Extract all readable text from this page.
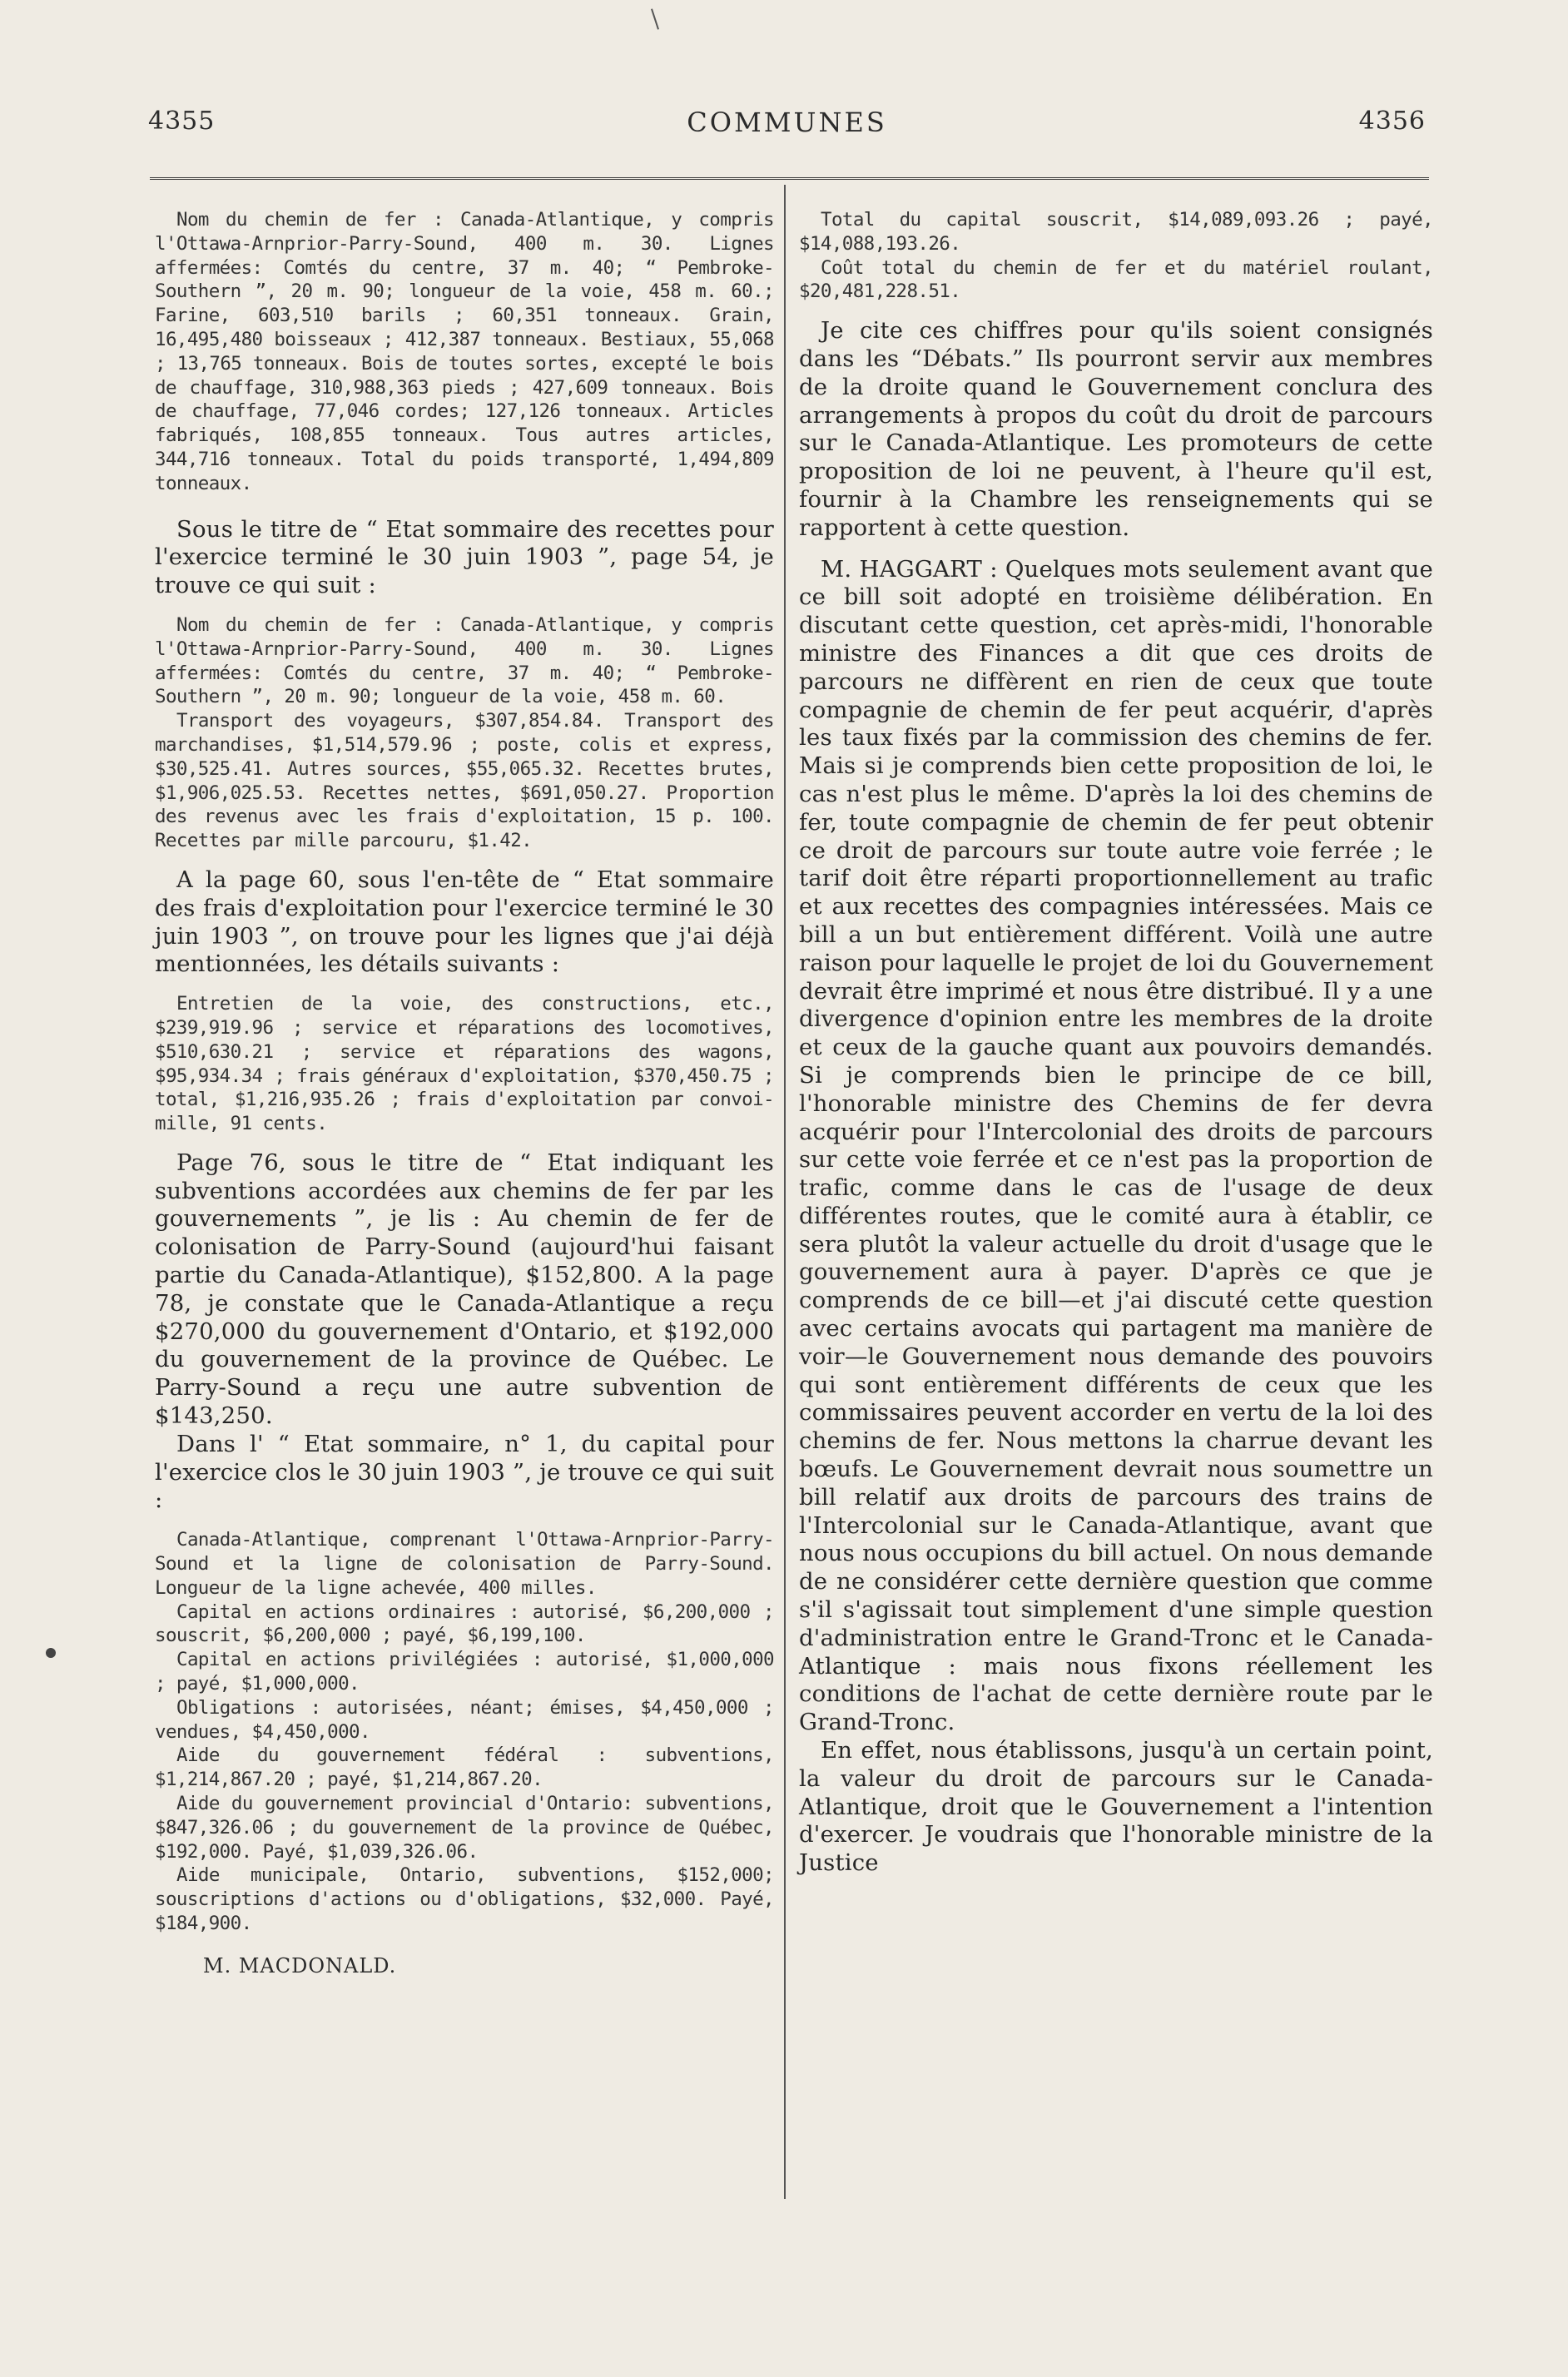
4355	COMMUNES	4356

Nom du chemin de fer : Canada-Atlantique, y compris l'Ottawa-Arnprior-Parry-Sound, 400 m. 30. Lignes affermées: Comtés du centre, 37 m. 40; “ Pembroke-Southern ”, 20 m. 90; longueur de la voie, 458 m. 60.; Farine, 603,510 barils ; 60,351 tonneaux. Grain, 16,495,480 boisseaux ; 412,387 tonneaux. Bestiaux, 55,068 ; 13,765 tonneaux. Bois de toutes sortes, excepté le bois de chauffage, 310,988,363 pieds ; 427,609 tonneaux. Bois de chauffage, 77,046 cordes; 127,126 tonneaux. Articles fabriqués, 108,855 tonneaux. Tous autres articles, 344,716 tonneaux. Total du poids transporté, 1,494,809 tonneaux.

Sous le titre de “ Etat sommaire des recettes pour l'exercice terminé le 30 juin 1903 ”, page 54, je trouve ce qui suit :

Nom du chemin de fer : Canada-Atlantique, y compris l'Ottawa-Arnprior-Parry-Sound, 400 m. 30. Lignes affermées: Comtés du centre, 37 m. 40; “ Pembroke-Southern ”, 20 m. 90; longueur de la voie, 458 m. 60.

Transport des voyageurs, $307,854.84. Transport des marchandises, $1,514,579.96 ; poste, colis et express, $30,525.41. Autres sources, $55,065.32. Recettes brutes, $1,906,025.53. Recettes nettes, $691,050.27. Proportion des revenus avec les frais d'exploitation, 15 p. 100. Recettes par mille parcouru, $1.42.

A la page 60, sous l'en-tête de “ Etat sommaire des frais d'exploitation pour l'exercice terminé le 30 juin 1903 ”, on trouve pour les lignes que j'ai déjà mentionnées, les détails suivants :

Entretien de la voie, des constructions, etc., $239,919.96 ; service et réparations des locomotives, $510,630.21 ; service et réparations des wagons, $95,934.34 ; frais généraux d'exploitation, $370,450.75 ; total, $1,216,935.26 ; frais d'exploitation par convoi-mille, 91 cents.

Page 76, sous le titre de “ Etat indiquant les subventions accordées aux chemins de fer par les gouvernements ”, je lis : Au chemin de fer de colonisation de Parry-Sound (aujourd'hui faisant partie du Canada-Atlantique), $152,800. A la page 78, je constate que le Canada-Atlantique a reçu $270,000 du gouvernement d'Ontario, et $192,000 du gouvernement de la province de Québec. Le Parry-Sound a reçu une autre subvention de $143,250.

Dans l' “ Etat sommaire, n° 1, du capital pour l'exercice clos le 30 juin 1903 ”, je trouve ce qui suit :

Canada-Atlantique, comprenant l'Ottawa-Arnprior-Parry-Sound et la ligne de colonisation de Parry-Sound. Longueur de la ligne achevée, 400 milles.

Capital en actions ordinaires : autorisé, $6,200,000 ; souscrit, $6,200,000 ; payé, $6,199,100.

Capital en actions privilégiées : autorisé, $1,000,000 ; payé, $1,000,000.

Obligations : autorisées, néant; émises, $4,450,000 ; vendues, $4,450,000.

Aide du gouvernement fédéral : subventions, $1,214,867.20 ; payé, $1,214,867.20.

Aide du gouvernement provincial d'Ontario: subventions, $847,326.06 ; du gouvernement de la province de Québec, $192,000. Payé, $1,039,326.06.

Aide municipale, Ontario, subventions, $152,000; souscriptions d'actions ou d'obligations, $32,000. Payé, $184,900.

M. MACDONALD.

Total du capital souscrit, $14,089,093.26 ; payé, $14,088,193.26.

Coût total du chemin de fer et du matériel roulant, $20,481,228.51.

Je cite ces chiffres pour qu'ils soient consignés dans les “Débats.” Ils pourront servir aux membres de la droite quand le Gouvernement conclura des arrangements à propos du coût du droit de parcours sur le Canada-Atlantique. Les promoteurs de cette proposition de loi ne peuvent, à l'heure qu'il est, fournir à la Chambre les renseignements qui se rapportent à cette question.

M. HAGGART : Quelques mots seulement avant que ce bill soit adopté en troisième délibération. En discutant cette question, cet après-midi, l'honorable ministre des Finances a dit que ces droits de parcours ne diffèrent en rien de ceux que toute compagnie de chemin de fer peut acquérir, d'après les taux fixés par la commission des chemins de fer. Mais si je comprends bien cette proposition de loi, le cas n'est plus le même. D'après la loi des chemins de fer, toute compagnie de chemin de fer peut obtenir ce droit de parcours sur toute autre voie ferrée ; le tarif doit être réparti proportionnellement au trafic et aux recettes des compagnies intéressées. Mais ce bill a un but entièrement différent. Voilà une autre raison pour laquelle le projet de loi du Gouvernement devrait être imprimé et nous être distribué. Il y a une divergence d'opinion entre les membres de la droite et ceux de la gauche quant aux pouvoirs demandés. Si je comprends bien le principe de ce bill, l'honorable ministre des Chemins de fer devra acquérir pour l'Intercolonial des droits de parcours sur cette voie ferrée et ce n'est pas la proportion de trafic, comme dans le cas de l'usage de deux différentes routes, que le comité aura à établir, ce sera plutôt la valeur actuelle du droit d'usage que le gouvernement aura à payer. D'après ce que je comprends de ce bill—et j'ai discuté cette question avec certains avocats qui partagent ma manière de voir—le Gouvernement nous demande des pouvoirs qui sont entièrement différents de ceux que les commissaires peuvent accorder en vertu de la loi des chemins de fer. Nous mettons la charrue devant les bœufs. Le Gouvernement devrait nous soumettre un bill relatif aux droits de parcours des trains de l'Intercolonial sur le Canada-Atlantique, avant que nous nous occupions du bill actuel. On nous demande de ne considérer cette dernière question que comme s'il s'agissait tout simplement d'une simple question d'administration entre le Grand-Tronc et le Canada-Atlantique : mais nous fixons réellement les conditions de l'achat de cette dernière route par le Grand-Tronc.

En effet, nous établissons, jusqu'à un certain point, la valeur du droit de parcours sur le Canada-Atlantique, droit que le Gouvernement a l'intention d'exercer. Je voudrais que l'honorable ministre de la Justice
